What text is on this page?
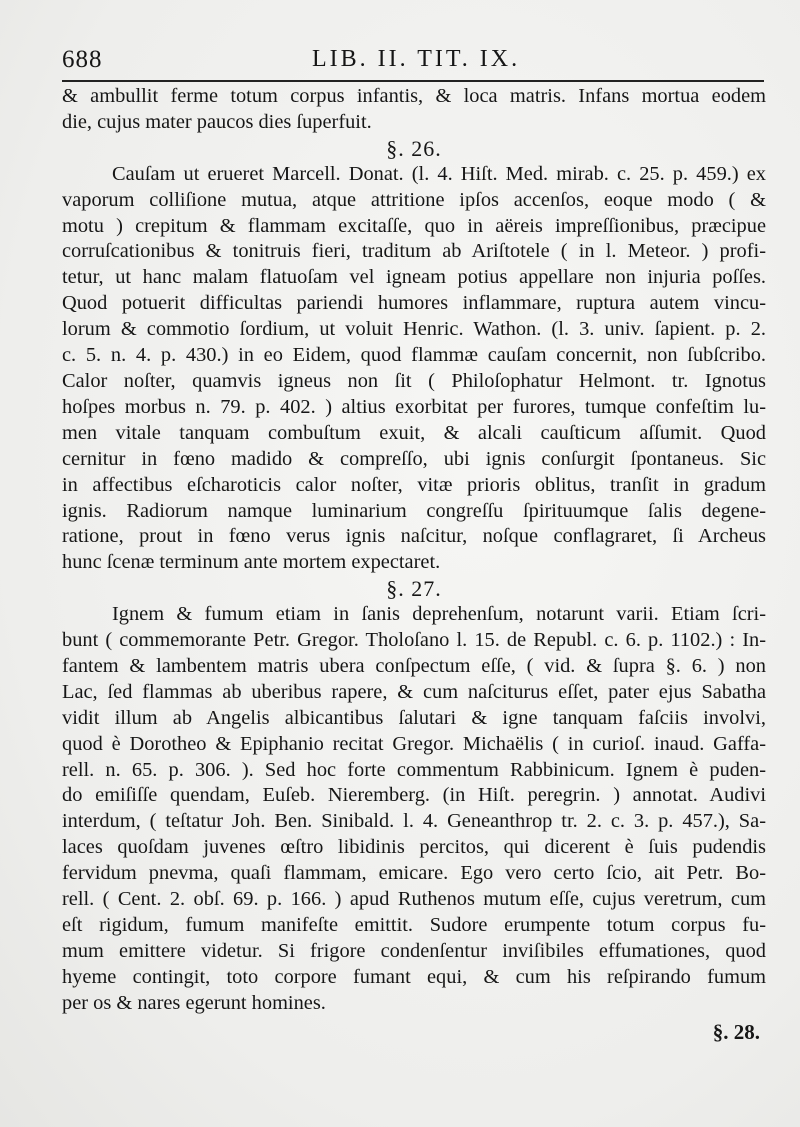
688	LIB. II. TIT. IX.
& ambullit ferme totum corpus infantis, & loca matris. Infans mortua eodem
die, cujus mater paucos dies ſuperfuit.
§. 26.
Cauſam ut erueret Marcell. Donat. (l. 4. Hiſt. Med. mirab. c. 25. p. 459.) ex
vaporum colliſione mutua, atque attritione ipſos accenſos, eoque modo ( &
motu ) crepitum & flammam excitaſſe, quo in aëreis impreſſionibus, præcipue
corruſcationibus & tonitruis fieri, traditum ab Ariſtotele ( in l. Meteor. ) profi-
tetur, ut hanc malam flatuoſam vel igneam potius appellare non injuria poſſes.
Quod potuerit difficultas pariendi humores inflammare, ruptura autem vincu-
lorum & commotio ſordium, ut voluit Henric. Wathon. (l. 3. univ. ſapient. p. 2.
c. 5. n. 4. p. 430.) in eo Eidem, quod flammæ cauſam concernit, non ſubſcribo.
Calor noſter, quamvis igneus non ſit ( Philoſophatur Helmont. tr. Ignotus
hoſpes morbus n. 79. p. 402. ) altius exorbitat per furores, tumque confeſtim lu-
men vitale tanquam combuſtum exuit, & alcali cauſticum aſſumit. Quod
cernitur in fœno madido & compreſſo, ubi ignis conſurgit ſpontaneus. Sic
in affectibus eſcharoticis calor noſter, vitæ prioris oblitus, tranſit in gradum
ignis. Radiorum namque luminarium congreſſu ſpirituumque ſalis degene-
ratione, prout in fœno verus ignis naſcitur, noſque conflagraret, ſi Archeus
hunc ſcenæ terminum ante mortem expectaret.
§. 27.
Ignem & fumum etiam in ſanis deprehenſum, notarunt varii. Etiam ſcri-
bunt ( commemorante Petr. Gregor. Tholoſano l. 15. de Republ. c. 6. p. 1102.) : In-
fantem & lambentem matris ubera conſpectum eſſe, ( vid. & ſupra §. 6. ) non
Lac, ſed flammas ab uberibus rapere, & cum naſciturus eſſet, pater ejus Sabatha
vidit illum ab Angelis albicantibus ſalutari & igne tanquam faſciis involvi,
quod è Dorotheo & Epiphanio recitat Gregor. Michaëlis ( in curioſ. inaud. Gaffa-
rell. n. 65. p. 306. ). Sed hoc forte commentum Rabbinicum. Ignem è puden-
do emiſiſſe quendam, Euſeb. Nieremberg. (in Hiſt. peregrin. ) annotat. Audivi
interdum, ( teſtatur Joh. Ben. Sinibald. l. 4. Geneanthrop tr. 2. c. 3. p. 457.), Sa-
laces quoſdam juvenes œſtro libidinis percitos, qui dicerent è ſuis pudendis
fervidum pnevma, quaſi flammam, emicare. Ego vero certo ſcio, ait Petr. Bo-
rell. ( Cent. 2. obſ. 69. p. 166. ) apud Ruthenos mutum eſſe, cujus veretrum, cum
eſt rigidum, fumum manifeſte emittit. Sudore erumpente totum corpus fu-
mum emittere videtur. Si frigore condenſentur inviſibiles effumationes, quod
hyeme contingit, toto corpore fumant equi, & cum his reſpirando fumum
per os & nares egerunt homines.
§. 28.
